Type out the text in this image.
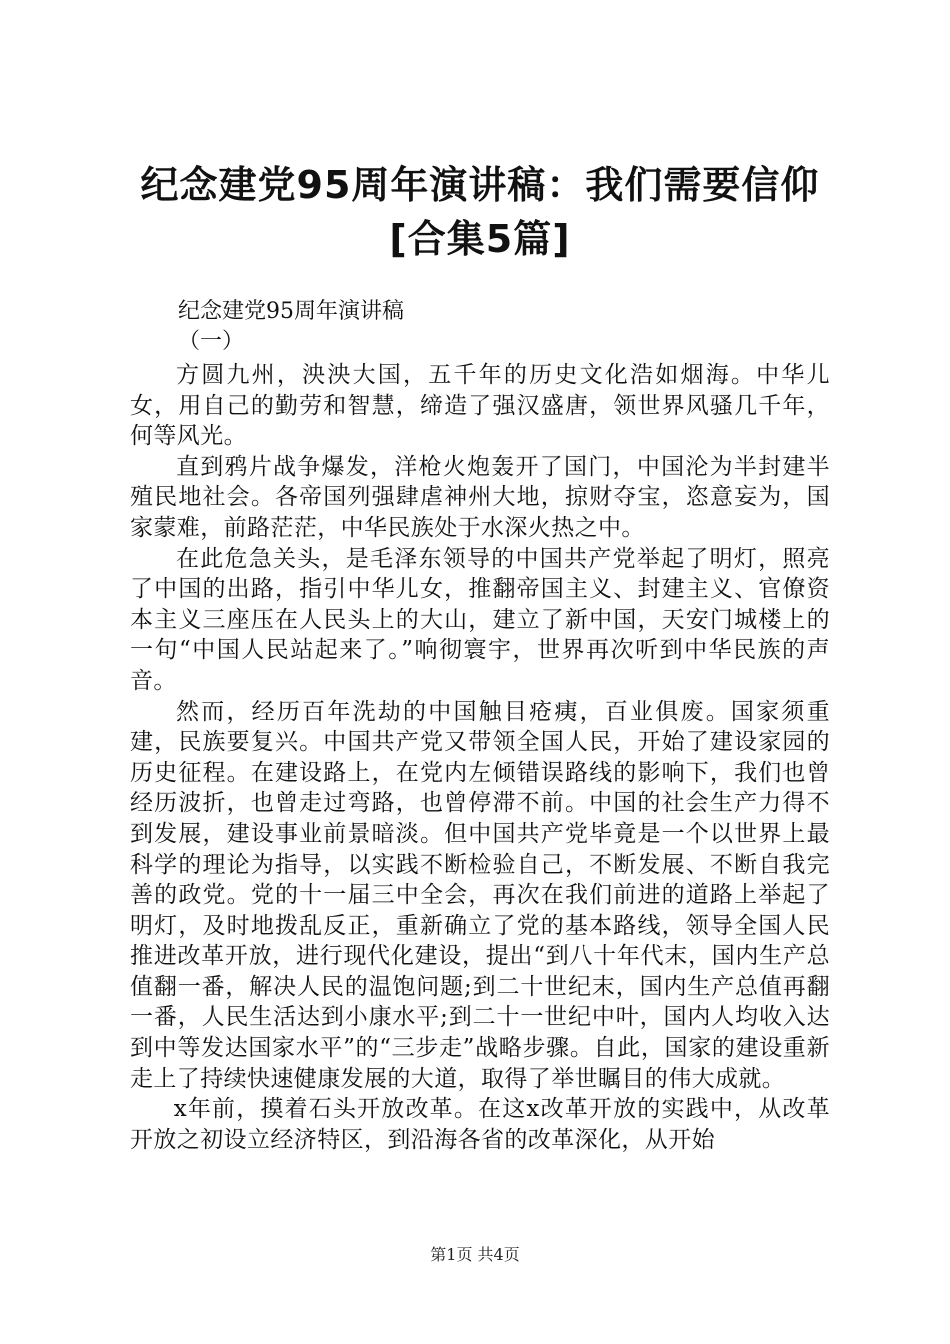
纪念建党95周年演讲稿：我们需要信仰[合集5篇]
纪念建党95周年演讲稿
（一）

方圆九州，泱泱大国，五千年的历史文化浩如烟海。中华儿女，用自己的勤劳和智慧，缔造了强汉盛唐，领世界风骚几千年，何等风光。

直到鸦片战争爆发，洋枪火炮轰开了国门，中国沦为半封建半殖民地社会。各帝国列强肆虐神州大地，掠财夺宝，恣意妄为，国家蒙难，前路茫茫，中华民族处于水深火热之中。

在此危急关头，是毛泽东领导的中国共产党举起了明灯，照亮了中国的出路，指引中华儿女，推翻帝国主义、封建主义、官僚资本主义三座压在人民头上的大山，建立了新中国，天安门城楼上的一句“中国人民站起来了。”响彻寰宇，世界再次听到中华民族的声音。

然而，经历百年洗劫的中国触目疮痍，百业俱废。国家须重建，民族要复兴。中国共产党又带领全国人民，开始了建设家园的历史征程。在建设路上，在党内左倾错误路线的影响下，我们也曾经历波折，也曾走过弯路，也曾停滞不前。中国的社会生产力得不到发展，建设事业前景暗淡。但中国共产党毕竟是一个以世界上最科学的理论为指导，以实践不断检验自己，不断发展、不断自我完善的政党。党的十一届三中全会，再次在我们前进的道路上举起了明灯，及时地拨乱反正，重新确立了党的基本路线，领导全国人民推进改革开放，进行现代化建设，提出“到八十年代末，国内生产总值翻一番，解决人民的温饱问题;到二十世纪末，国内生产总值再翻一番，人民生活达到小康水平;到二十一世纪中叶，国内人均收入达到中等发达国家水平”的“三步走”战略步骤。自此，国家的建设重新走上了持续快速健康发展的大道，取得了举世瞩目的伟大成就。

x年前，摸着石头开放改革。在这x改革开放的实践中，从改革开放之初设立经济特区，到沿海各省的改革深化，从开始

第1页 共4页
